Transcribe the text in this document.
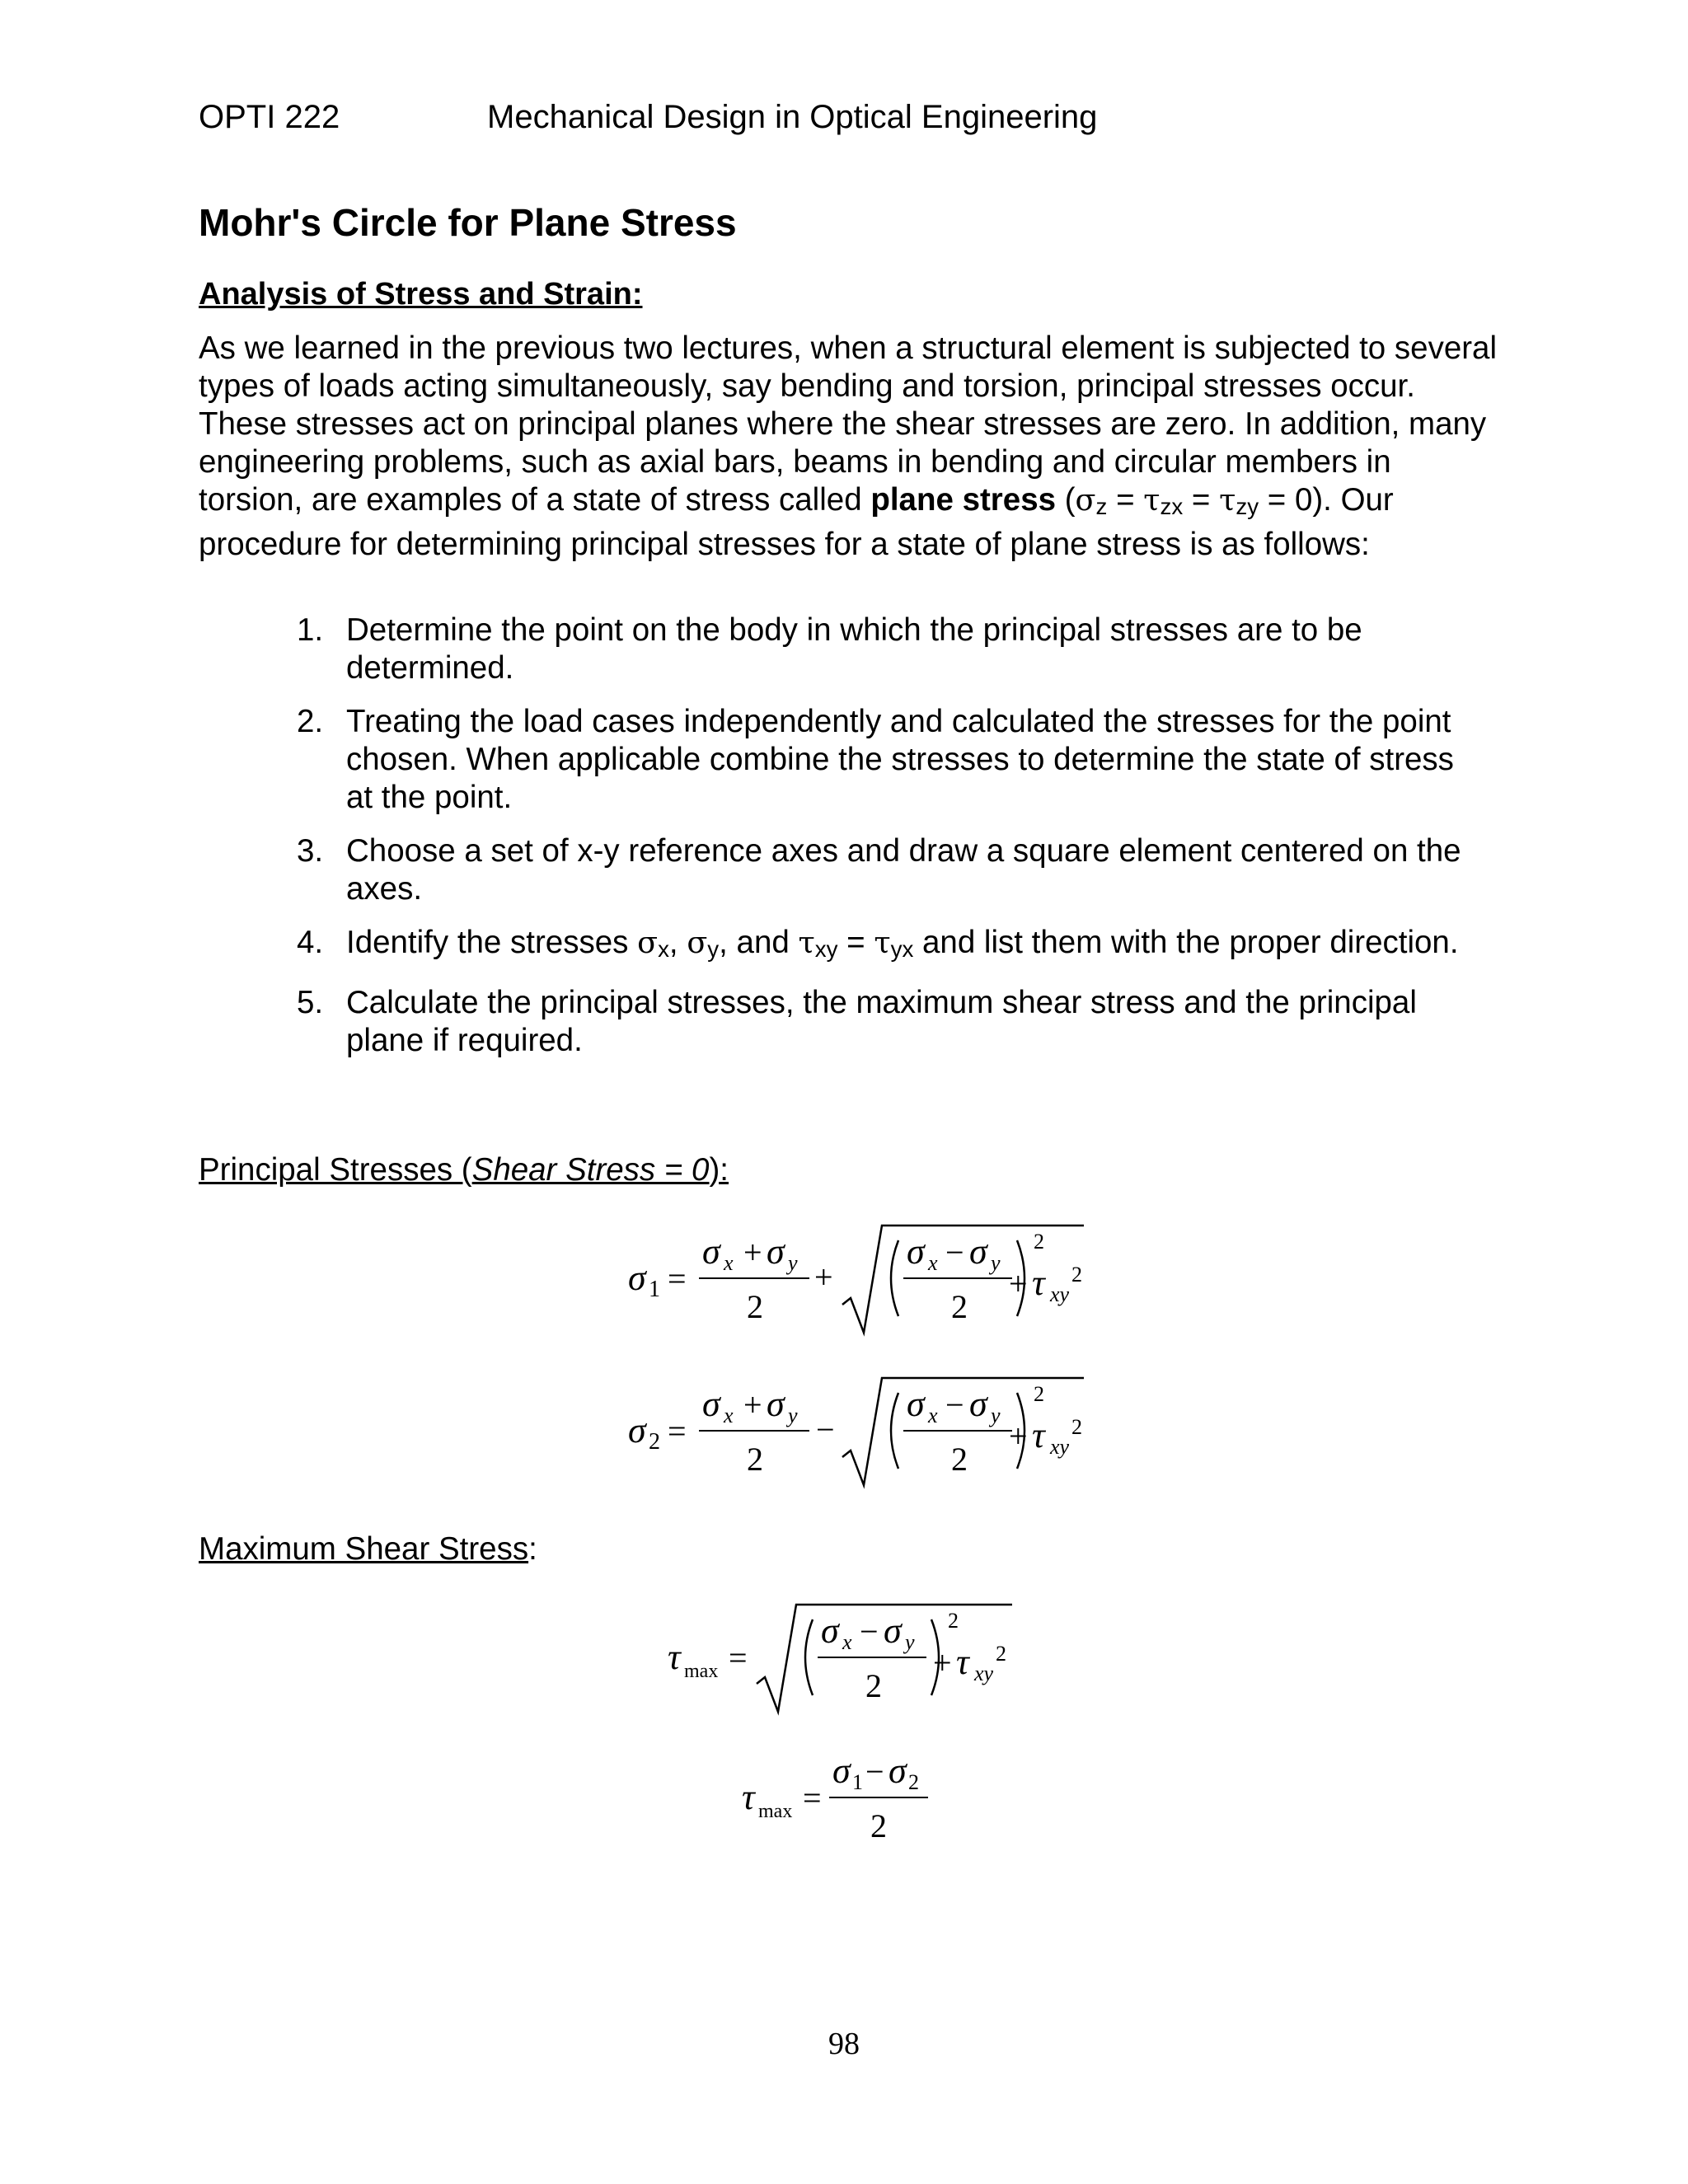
OPTI 222	Mechanical Design in Optical Engineering
Mohr's Circle for Plane Stress
Analysis of Stress and Strain:
As we learned in the previous two lectures, when a structural element is subjected to several types of loads acting simultaneously, say bending and torsion, principal stresses occur. These stresses act on principal planes where the shear stresses are zero. In addition, many engineering problems, such as axial bars, beams in bending and circular members in torsion, are examples of a state of stress called plane stress (σz = τzx = τzy = 0). Our procedure for determining principal stresses for a state of plane stress is as follows:
1. Determine the point on the body in which the principal stresses are to be determined.
2. Treating the load cases independently and calculated the stresses for the point chosen. When applicable combine the stresses to determine the state of stress at the point.
3. Choose a set of x-y reference axes and draw a square element centered on the axes.
4. Identify the stresses σx, σy, and τxy = τyx and list them with the proper direction.
5. Calculate the principal stresses, the maximum shear stress and the principal plane if required.
Principal Stresses (Shear Stress = 0):
σ 1 =
σ x + σ y
2
+
σ x − σ y
2
2
+ τ xy
2
σ 2 =
σ x + σ y
2
−
σ x − σ y
2
2
+ τ xy
2
Maximum Shear Stress:
τ max =
σ x − σ y
2
2
+ τ xy
2
τ max =
σ 1 − σ 2
2
98
